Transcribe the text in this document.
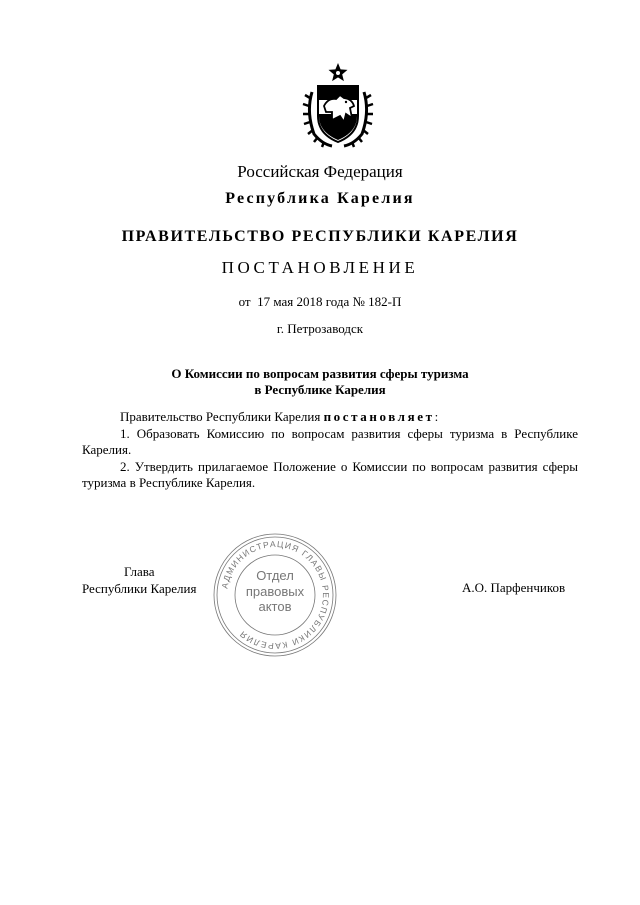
Российская Федерация
Республика Карелия
ПРАВИТЕЛЬСТВО РЕСПУБЛИКИ КАРЕЛИЯ
ПОСТАНОВЛЕНИЕ
от  17 мая 2018 года № 182-П
г. Петрозаводск
О Комиссии по вопросам развития сферы туризма
в Республике Карелия

Правительство Республики Карелия постановляет:

1. Образовать Комиссию по вопросам развития сферы туризма в Республике Карелия.

2. Утвердить прилагаемое Положение о Комиссии по вопросам развития сферы туризма в Республике Карелия.

Глава
Республики Карелия	АДМИНИСТРАЦИЯ ГЛАВЫ РЕСПУБЛИКИ КАРЕЛИЯ
Отдел
правовых
актов
А.О. Парфенчиков
